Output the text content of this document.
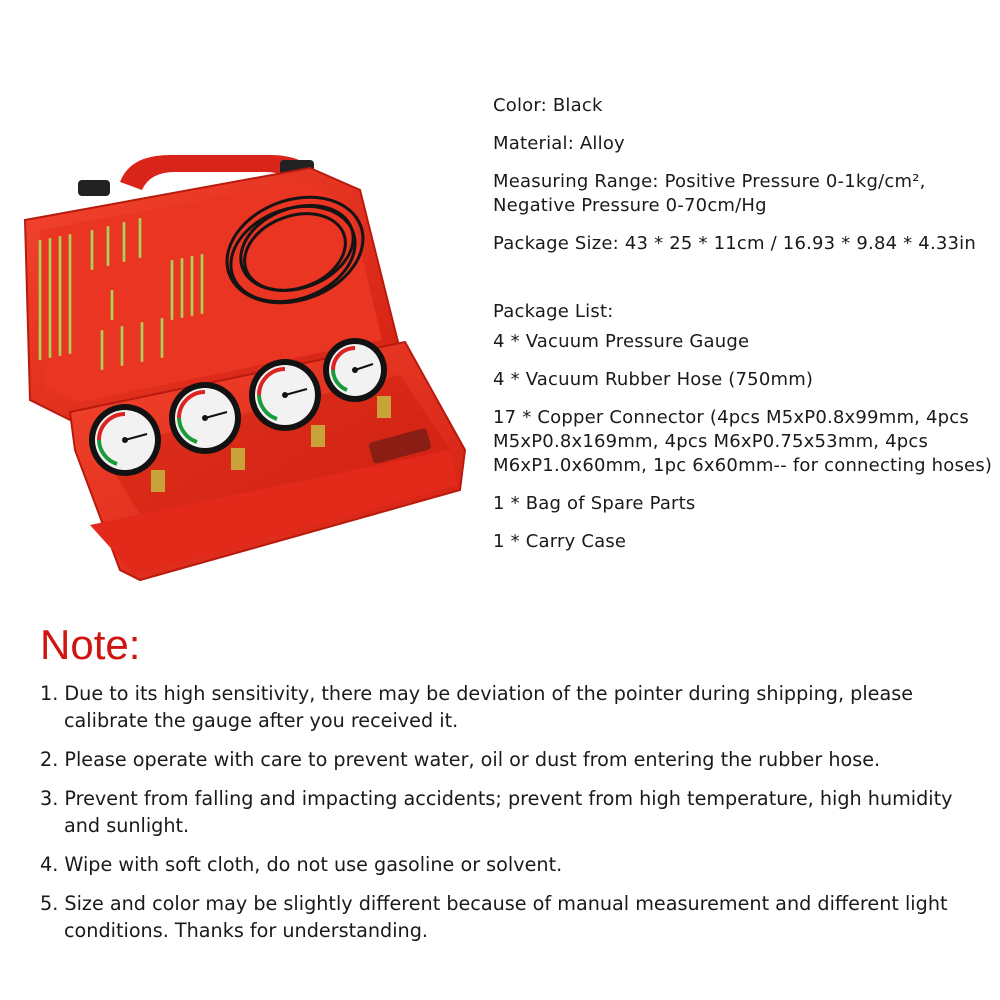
Color: Black
Material: Alloy
Measuring Range: Positive Pressure 0-1kg/cm²,
Negative Pressure 0-70cm/Hg
Package Size: 43 * 25 * 11cm / 16.93 * 9.84 * 4.33in
Package List:
4 * Vacuum Pressure Gauge
4 * Vacuum Rubber Hose (750mm)
17 * Copper Connector (4pcs M5xP0.8x99mm, 4pcs M5xP0.8x169mm, 4pcs M6xP0.75x53mm, 4pcs M6xP1.0x60mm, 1pc 6x60mm-- for connecting hoses)
1 * Bag of Spare Parts
1 * Carry Case
Note:
1. Due to its high sensitivity, there may be deviation of the pointer during shipping, please calibrate the gauge after you received it.
2. Please operate with care to prevent water, oil or dust from entering the rubber hose.
3. Prevent from falling and impacting accidents; prevent from high temperature, high humidity and sunlight.
4. Wipe with soft cloth, do not use gasoline or solvent.
5. Size and color may be slightly different because of manual measurement and different light conditions. Thanks for understanding.
